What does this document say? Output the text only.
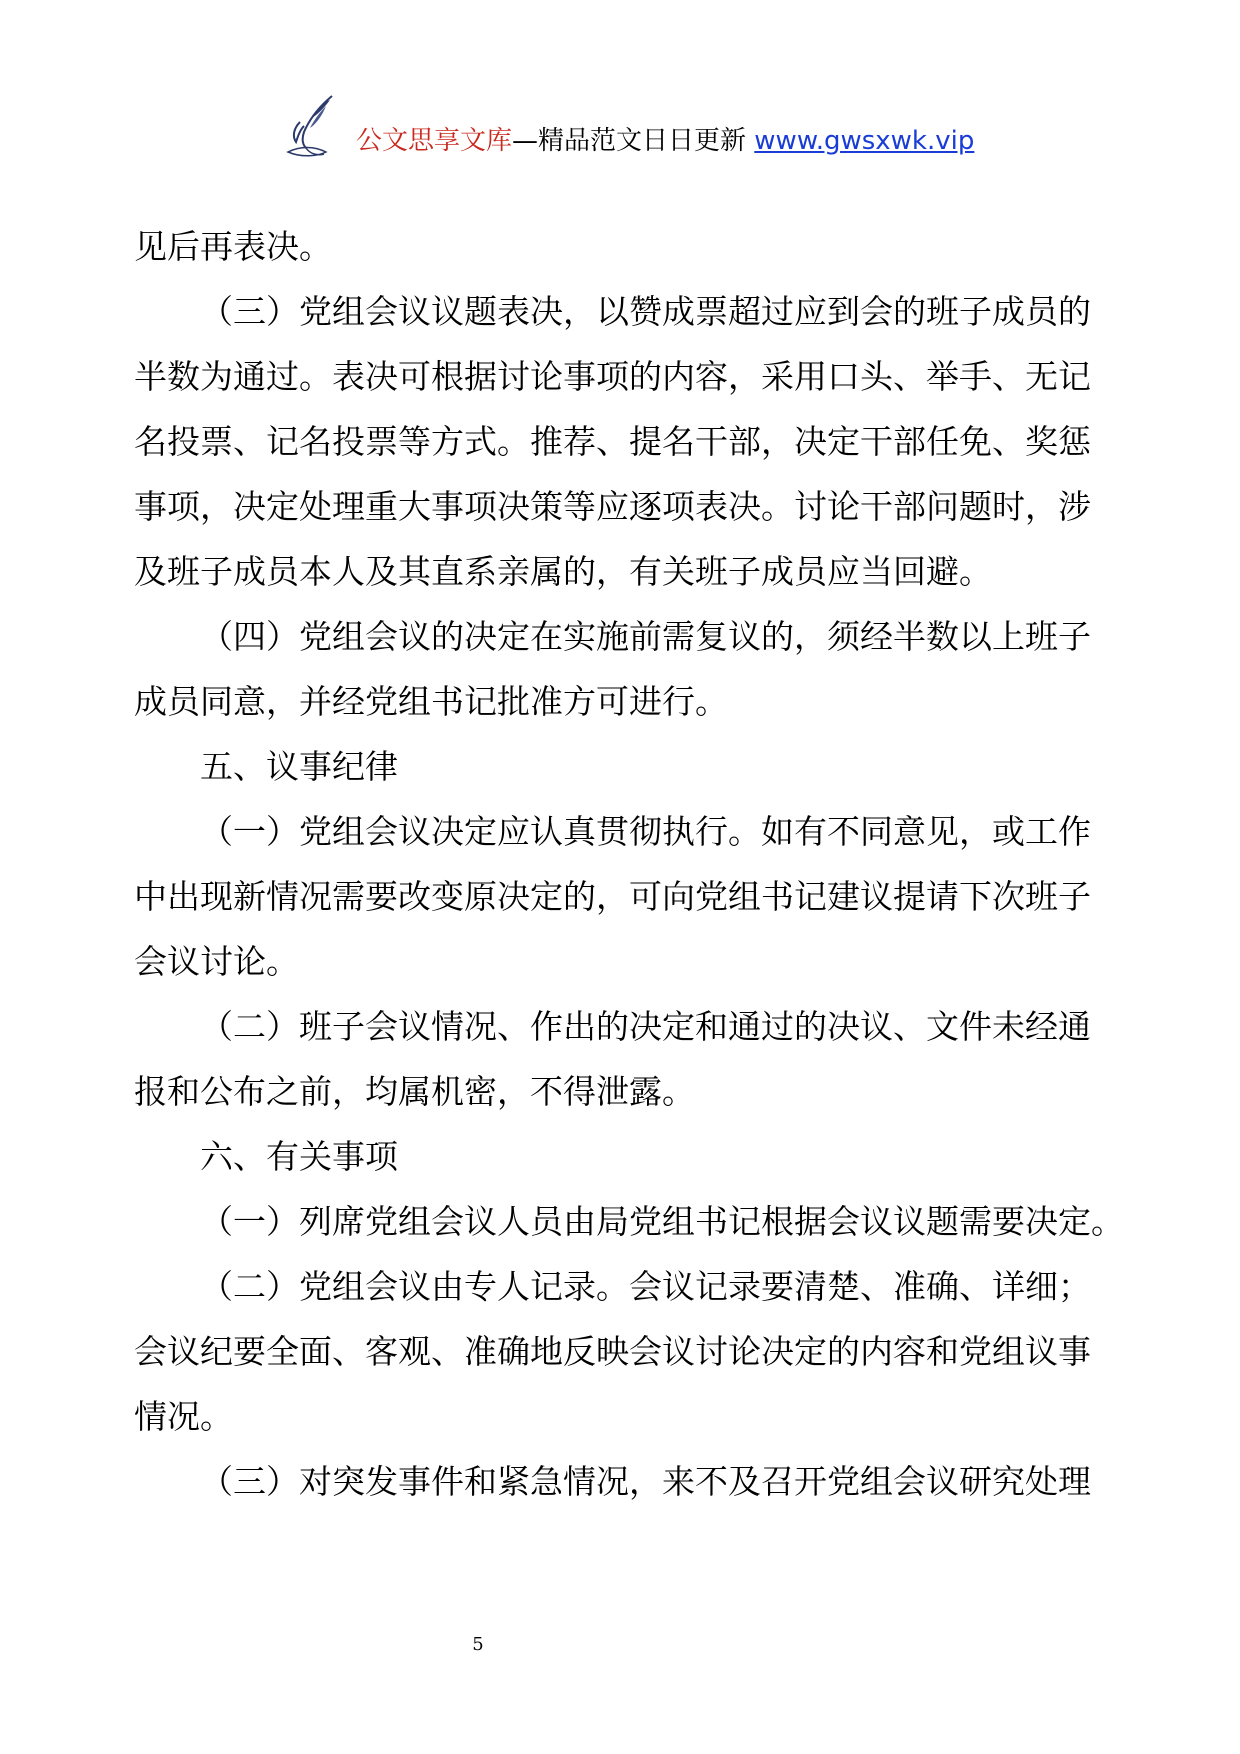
公文思享文库—精品范文日日更新 www.gwsxwk.vip

见后再表决。

（三）党组会议议题表决，以赞成票超过应到会的班子成员的

半数为通过。表决可根据讨论事项的内容，采用口头、举手、无记

名投票、记名投票等方式。推荐、提名干部，决定干部任免、奖惩

事项，决定处理重大事项决策等应逐项表决。讨论干部问题时，涉

及班子成员本人及其直系亲属的，有关班子成员应当回避。

（四）党组会议的决定在实施前需复议的，须经半数以上班子

成员同意，并经党组书记批准方可进行。

五、议事纪律

（一）党组会议决定应认真贯彻执行。如有不同意见，或工作

中出现新情况需要改变原决定的，可向党组书记建议提请下次班子

会议讨论。

（二）班子会议情况、作出的决定和通过的决议、文件未经通

报和公布之前，均属机密，不得泄露。

六、有关事项

（一）列席党组会议人员由局党组书记根据会议议题需要决定。

（二）党组会议由专人记录。会议记录要清楚、准确、详细；

会议纪要全面、客观、准确地反映会议讨论决定的内容和党组议事

情况。

（三）对突发事件和紧急情况，来不及召开党组会议研究处理

5
